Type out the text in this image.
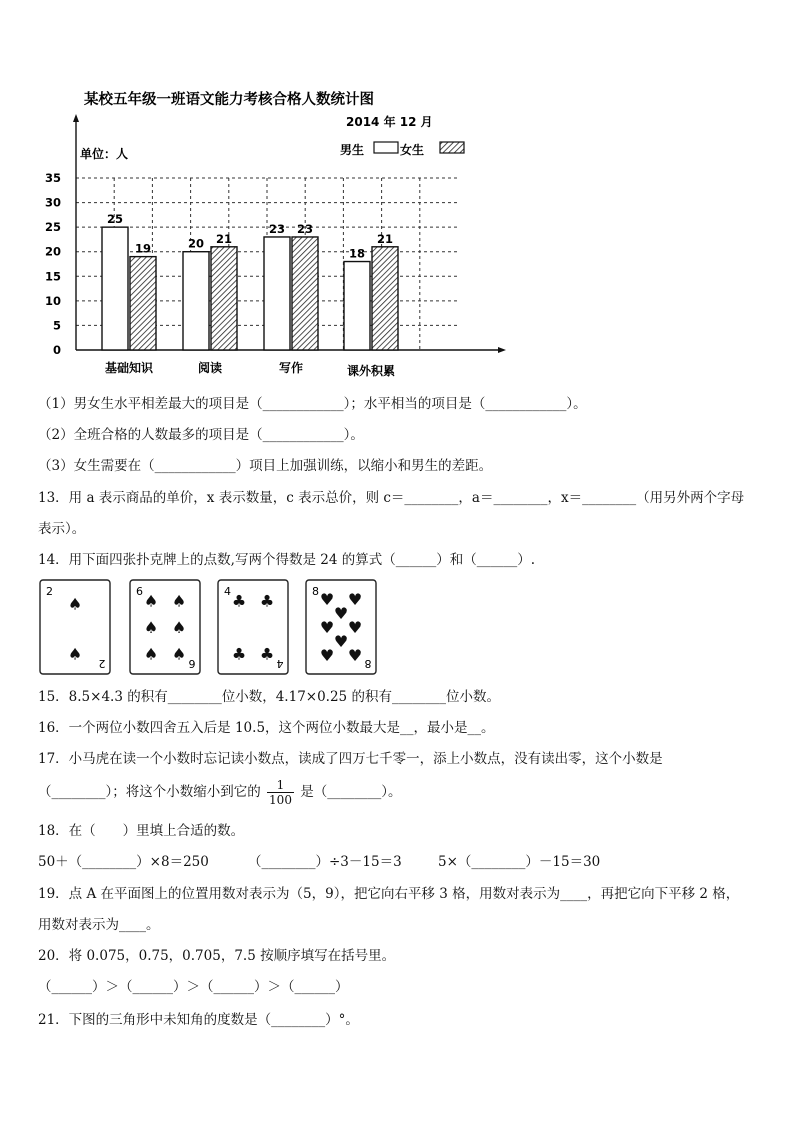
某校五年级一班语文能力考核合格人数统计图
2014 年 12 月
单位：人	男生	女生
0
5
10
15
20
25
30
35
25
19
基础知识
20 21
阅读
23 23
写作
18
21
课外积累
（1）男女生水平相差最大的项目是（____________）；水平相当的项目是（____________）。
（2）全班合格的人数最多的项目是（____________）。
（3）女生需要在（____________）项目上加强训练，以缩小和男生的差距。
13．用 a 表示商品的单价，x 表示数量，c 表示总价，则 c＝________，a＝________，x＝________（用另外两个字母
表示）。
14．用下面四张扑克牌上的点数,写两个得数是 24 的算式（______）和（______）.
2
2
♠
♠
6
6
♠ ♠
♠ ♠
♠ ♠
4
4
♣ ♣
♣ ♣
8
8
♥ ♥
♥
♥ ♥
♥
♥ ♥
15．8.5×4.3 的积有________位小数，4.17×0.25 的积有________位小数。
16．一个两位小数四舍五入后是 10.5，这个两位小数最大是__，最小是__。
17．小马虎在读一个小数时忘记读小数点，读成了四万七千零一，添上小数点，没有读出零，这个小数是
（________）；将这个小数缩小到它的 $\frac{1}{100}$ 是（________）。
18．在（　　）里填上合适的数。
50＋（________）×8＝250	（________）÷3－15＝3	5×（________）－15＝30
19．点 A 在平面图上的位置用数对表示为（5，9），把它向右平移 3 格，用数对表示为____，再把它向下平移 2 格，
用数对表示为____。
20．将 0.075，0.75，0.705，7.5 按顺序填写在括号里。
（______）＞（______）＞（______）＞（______）
21．下图的三角形中未知角的度数是（________）°。
